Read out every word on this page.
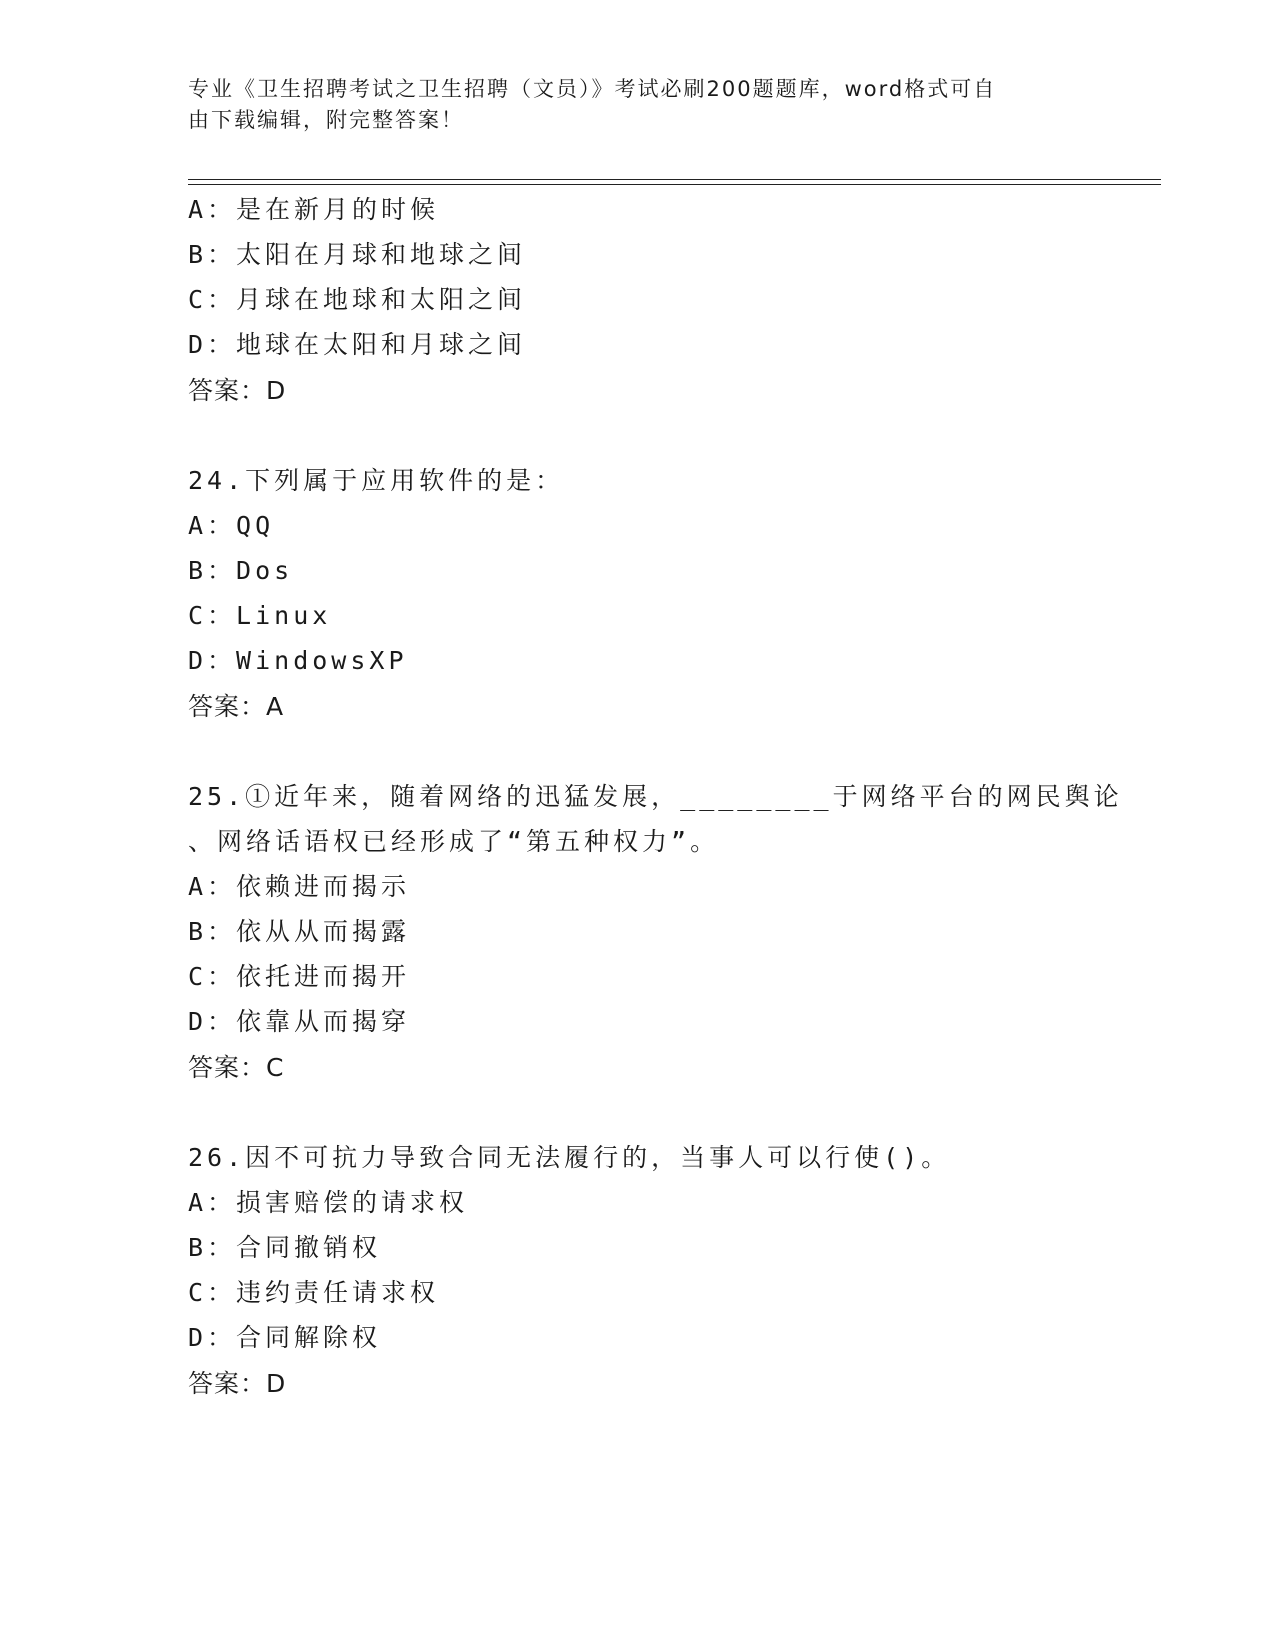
专业《卫生招聘考试之卫生招聘（文员）》考试必刷200题题库，word格式可自
由下载编辑，附完整答案！
A：是在新月的时候
B：太阳在月球和地球之间
C：月球在地球和太阳之间
D：地球在太阳和月球之间
答案：D
24.下列属于应用软件的是：
A：QQ
B：Dos
C：Linux
D：WindowsXP
答案：A
25.①近年来，随着网络的迅猛发展，________于网络平台的网民舆论
、网络话语权已经形成了“第五种权力”。
A：依赖进而揭示
B：依从从而揭露
C：依托进而揭开
D：依靠从而揭穿
答案：C
26.因不可抗力导致合同无法履行的，当事人可以行使()。
A：损害赔偿的请求权
B：合同撤销权
C：违约责任请求权
D：合同解除权
答案：D
